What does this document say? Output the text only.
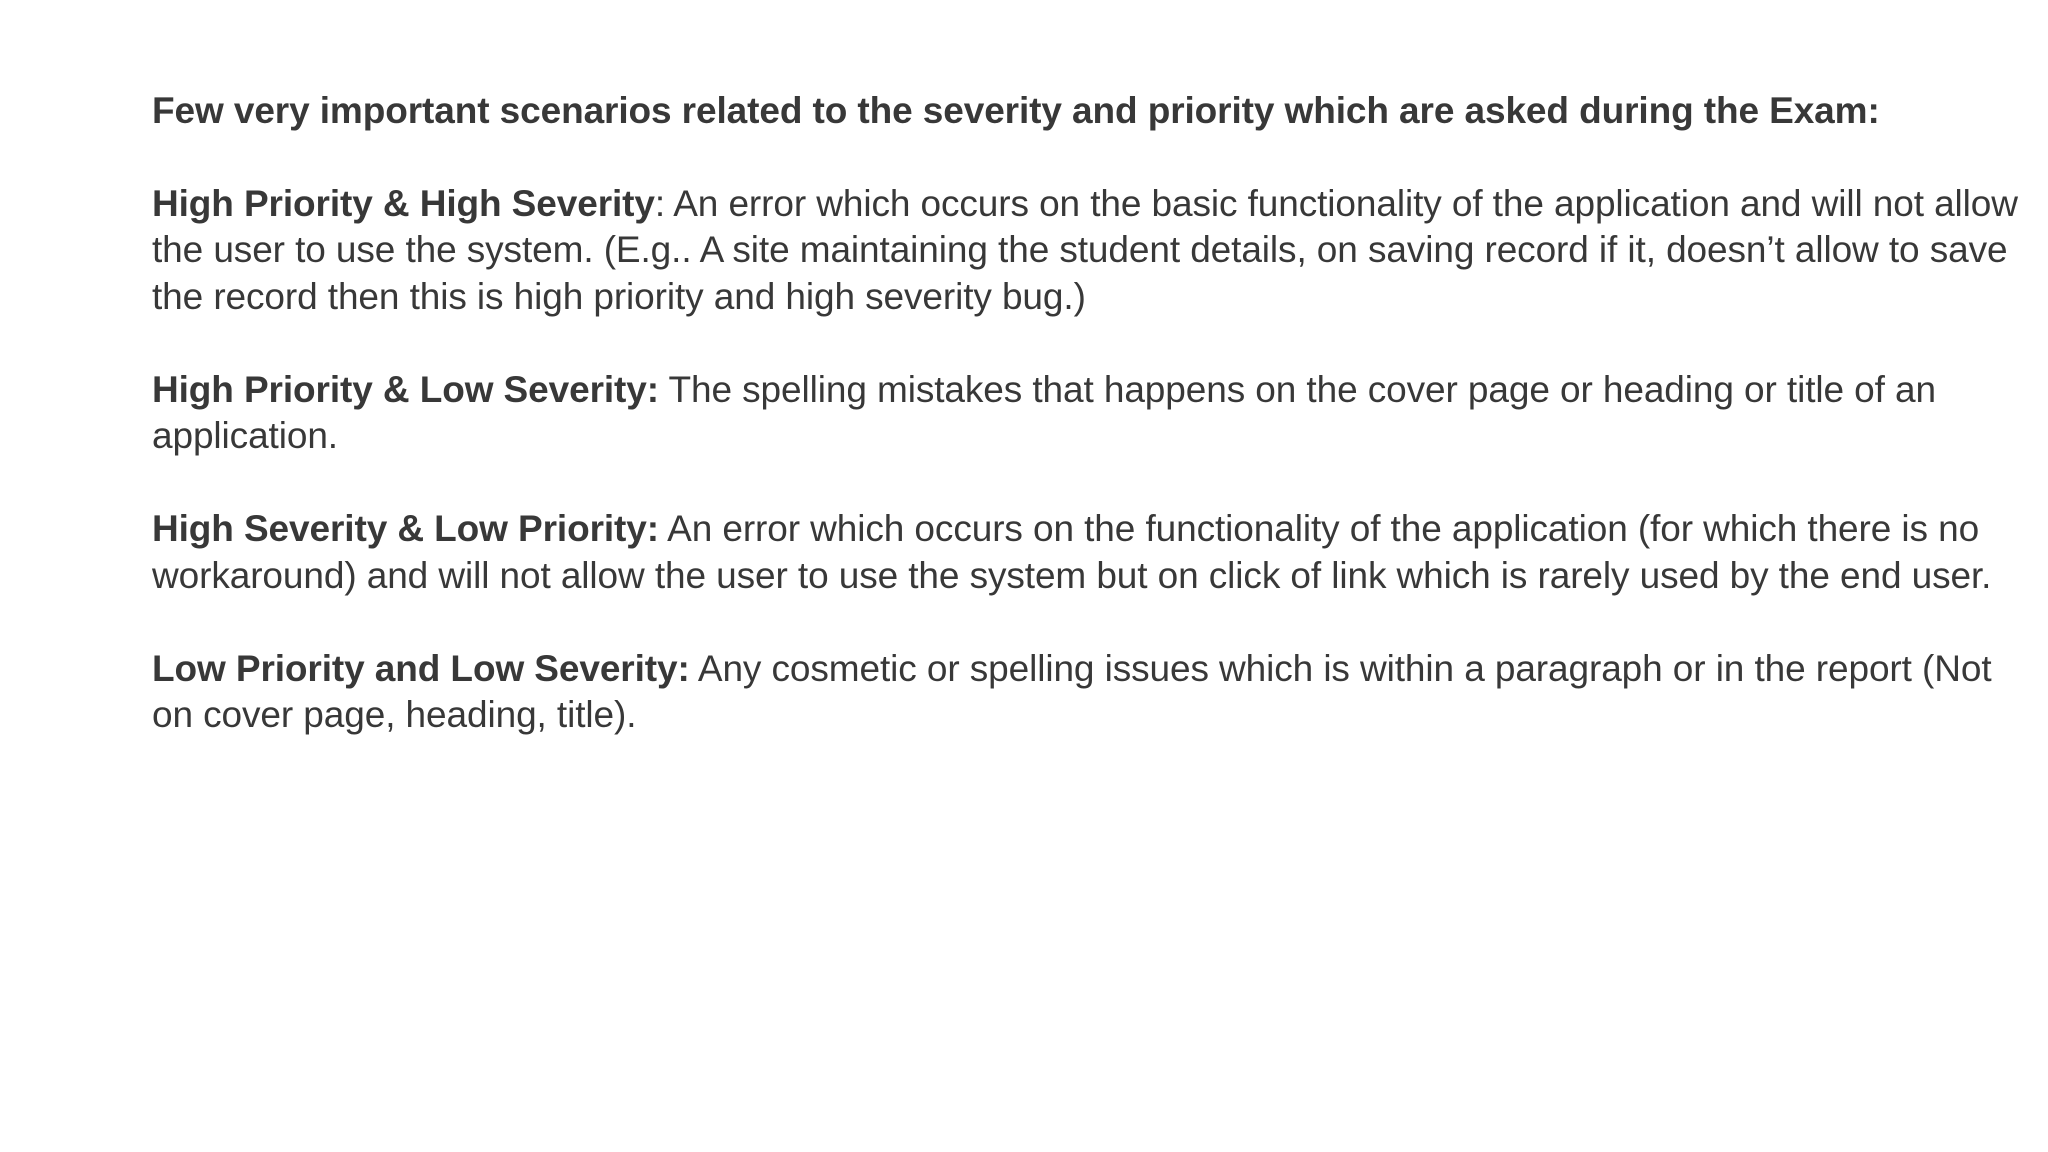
Few very important scenarios related to the severity and priority which are asked during the Exam:

High Priority & High Severity: An error which occurs on the basic functionality of the application and will not allow the user to use the system. (E.g.. A site maintaining the student details, on saving record if it, doesn’t allow to save the record then this is high priority and high severity bug.)

High Priority & Low Severity: The spelling mistakes that happens on the cover page or heading or title of an application.

High Severity & Low Priority: An error which occurs on the functionality of the application (for which there is no workaround) and will not allow the user to use the system but on click of link which is rarely used by the end user.

Low Priority and Low Severity: Any cosmetic or spelling issues which is within a paragraph or in the report (Not on cover page, heading, title).
